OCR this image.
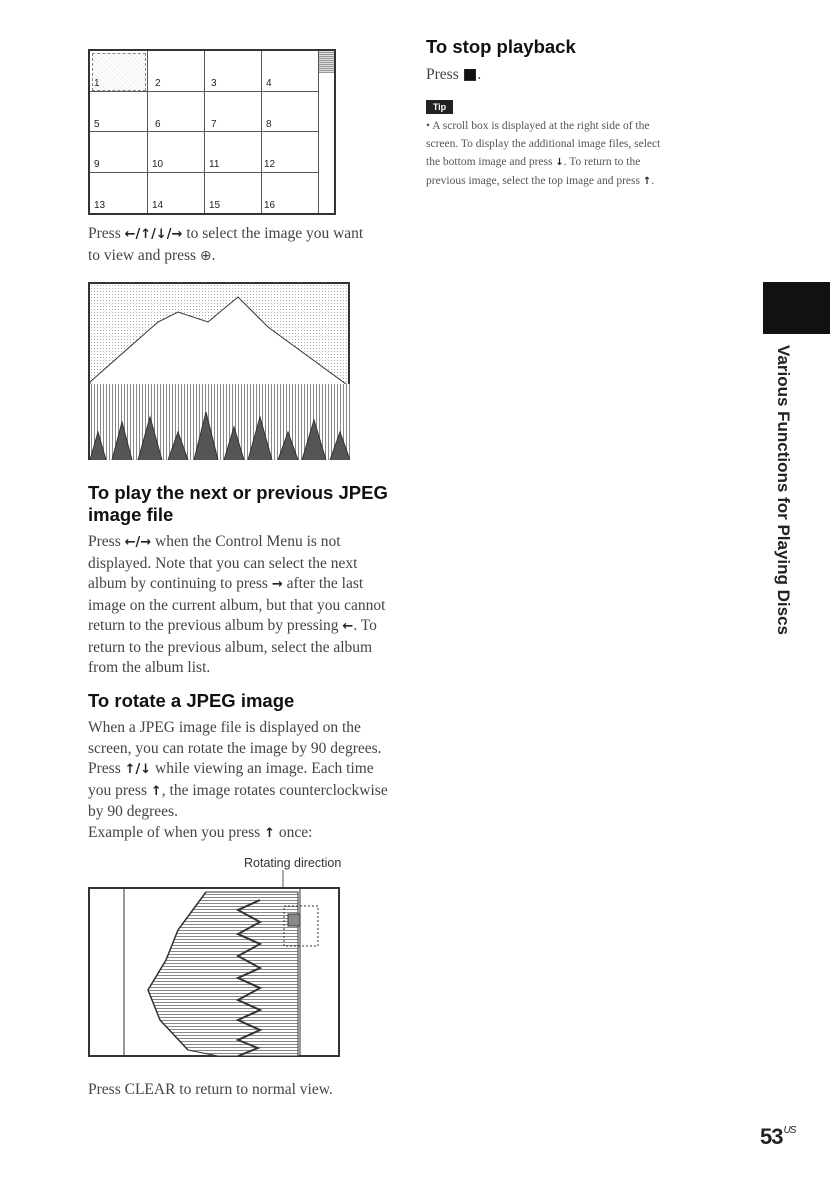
1	2	3	4
5	6	7	8
9	10	11	12
13	14	15	16
Press ←/↑/↓/→ to select the image you want
to view and press ⊕.
To stop playback
Press ■.
Tip
• A scroll box is displayed at the right side of the
screen. To display the additional image files, select
the bottom image and press ↓. To return to the
previous image, select the top image and press ↑.
To play the next or previous JPEG
image file
Press ←/→ when the Control Menu is not
displayed. Note that you can select the next
album by continuing to press → after the last
image on the current album, but that you cannot
return to the previous album by pressing ←. To
return to the previous album, select the album
from the album list.
To rotate a JPEG image
When a JPEG image file is displayed on the
screen, you can rotate the image by 90 degrees.
Press ↑/↓ while viewing an image. Each time
you press ↑, the image rotates counterclockwise
by 90 degrees.
Example of when you press ↑ once:
Rotating direction
Press CLEAR to return to normal view.
Various Functions for Playing Discs
$53^{US}$
